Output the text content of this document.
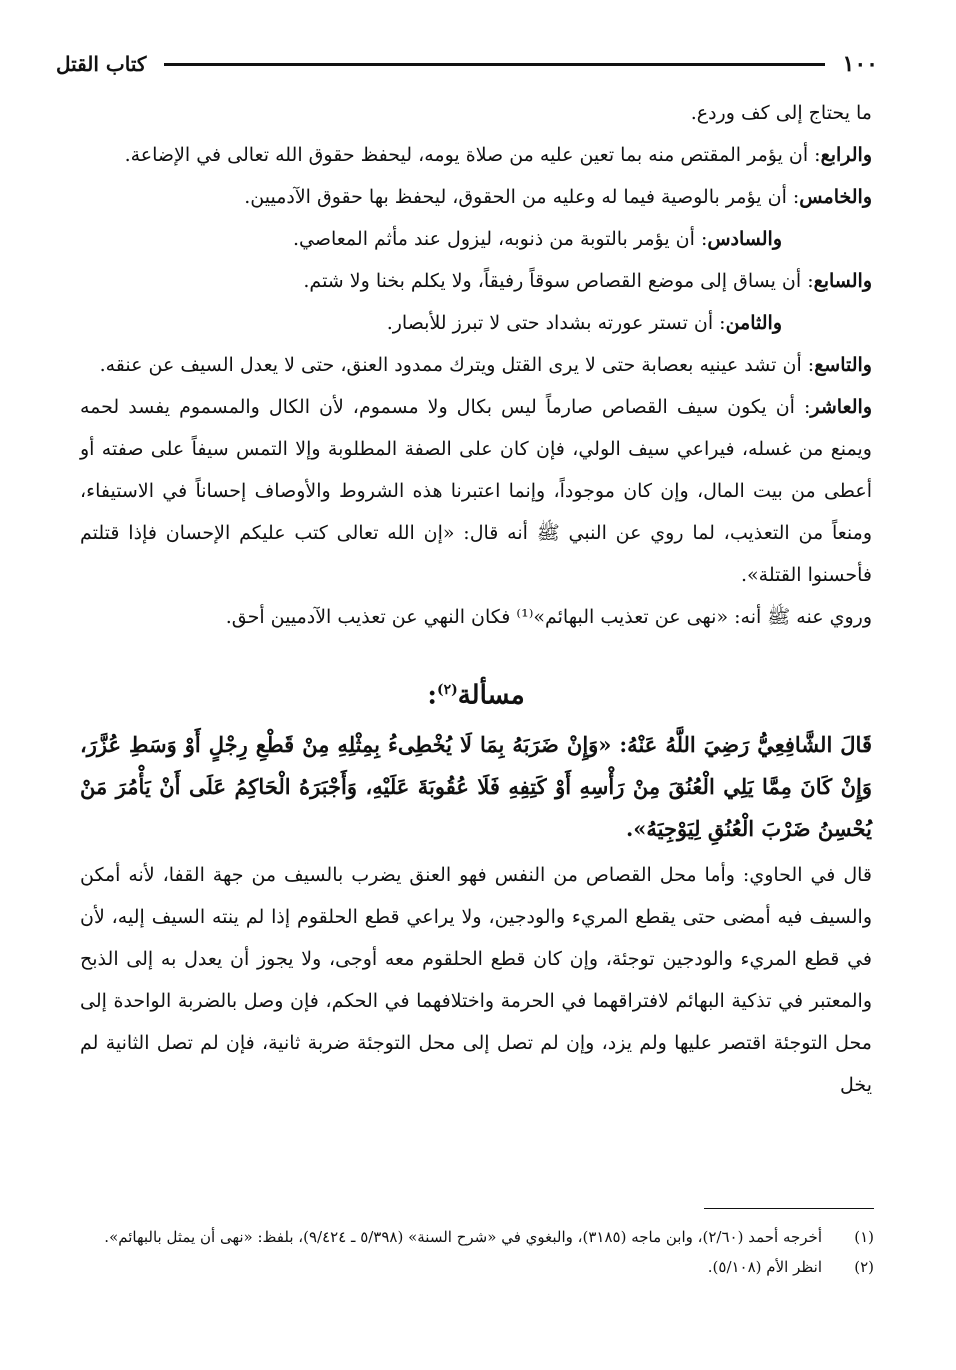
١٠٠
كتاب القتل

ما يحتاج إلى كف وردع.

والرابع: أن يؤمر المقتص منه بما تعين عليه من صلاة يومه، ليحفظ حقوق الله تعالى في الإضاعة.

والخامس: أن يؤمر بالوصية فيما له وعليه من الحقوق، ليحفظ بها حقوق الآدميين.

والسادس: أن يؤمر بالتوبة من ذنوبه، ليزول عند مأثم المعاصي.

والسابع: أن يساق إلى موضع القصاص سوقاً رفيقاً، ولا يكلم بخنا ولا شتم.

والثامن: أن تستر عورته بشداد حتى لا تبرز للأبصار.

والتاسع: أن تشد عينيه بعصابة حتى لا يرى القتل ويترك ممدود العنق، حتى لا يعدل السيف عن عنقه.

والعاشر: أن يكون سيف القصاص صارماً ليس بكال ولا مسموم، لأن الكال والمسموم يفسد لحمه ويمنع من غسله، فيراعي سيف الولي، فإن كان على الصفة المطلوبة وإلا التمس سيفاً على صفته أو أعطى من بيت المال، وإن كان موجوداً، وإنما اعتبرنا هذه الشروط والأوصاف إحساناً في الاستيفاء، ومنعاً من التعذيب، لما روي عن النبي ﷺ أنه قال: «إن الله تعالى كتب عليكم الإحسان فإذا قتلتم فأحسنوا القتلة».

وروي عنه ﷺ أنه: «نهى عن تعذيب البهائم»⁽¹⁾ فكان النهي عن تعذيب الآدميين أحق.

مسألة$^{(٢)}$:

قَالَ الشَّافِعِيُّ رَضِيَ اللَّهُ عَنْهُ: «وَإِنْ ضَرَبَهُ بِمَا لَا يُخْطِىءُ بِمِثْلِهِ مِنْ قَطْعِ رِجْلٍ أَوْ وَسَطِ عُزَّرَ، وَإِنْ كَانَ مِمَّا يَلِي الْعُنُقَ مِنْ رَأْسِهِ أَوْ كَتِفِهِ فَلَا عُقُوبَةَ عَلَيْهِ، وَأَجْبَرَهُ الْحَاكِمُ عَلَى أَنْ يَأْمُرَ مَنْ يُحْسِنُ ضَرْبَ الْعُنُقِ لِيَوْجِيَهُ».

قال في الحاوي: وأما محل القصاص من النفس فهو العنق يضرب بالسيف من جهة القفا، لأنه أمكن والسيف فيه أمضى حتى يقطع المريء والودجين، ولا يراعي قطع الحلقوم إذا لم ينته السيف إليه، لأن في قطع المريء والودجين توجئة، وإن كان قطع الحلقوم معه أوجى، ولا يجوز أن يعدل به إلى الذبح والمعتبر في تذكية البهائم لافتراقهما في الحرمة واختلافهما في الحكم، فإن وصل بالضربة الواحدة إلى محل التوجئة اقتصر عليها ولم يزد، وإن لم تصل إلى محل التوجئة ضربة ثانية، فإن لم تصل الثانية لم يخل

(١)
أخرجه أحمد (٢/٦٠)، وابن ماجه (٣١٨٥)، والبغوي في «شرح السنة» (٥/٣٩٨ ـ ٩/٤٢٤)، بلفظ: «نهى أن يمثل بالبهائم».
(٢)
انظر الأم (٥/١٠٨).
